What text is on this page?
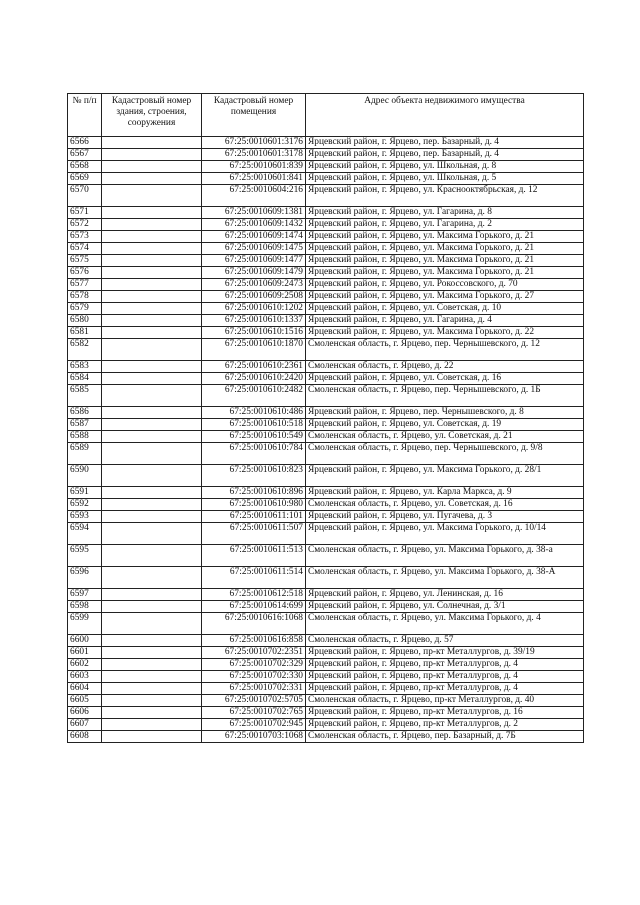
№ п/п	Кадастровый номер здания, строения, сооружения	Кадастровый номер помещения	Адрес объекта недвижимого имущества
6566		67:25:0010601:3176	Ярцевский район, г. Ярцево, пер. Базарный, д. 4
6567		67:25:0010601:3178	Ярцевский район, г. Ярцево, пер. Базарный, д. 4
6568		67:25:0010601:839	Ярцевский район, г. Ярцево, ул. Школьная, д. 8
6569		67:25:0010601:841	Ярцевский район, г. Ярцево, ул. Школьная, д. 5
6570		67:25:0010604:216	Ярцевский район, г. Ярцево, ул. Краснооктябрьская, д. 12
6571		67:25:0010609:1381	Ярцевский район, г. Ярцево, ул. Гагарина, д. 8
6572		67:25:0010609:1432	Ярцевский район, г. Ярцево, ул. Гагарина, д. 2
6573		67:25:0010609:1474	Ярцевский район, г. Ярцево, ул. Максима Горького, д. 21
6574		67:25:0010609:1475	Ярцевский район, г. Ярцево, ул. Максима Горького, д. 21
6575		67:25:0010609:1477	Ярцевский район, г. Ярцево, ул. Максима Горького, д. 21
6576		67:25:0010609:1479	Ярцевский район, г. Ярцево, ул. Максима Горького, д. 21
6577		67:25:0010609:2473	Ярцевский район, г. Ярцево, ул. Рокоссовского, д. 70
6578		67:25:0010609:2508	Ярцевский район, г. Ярцево, ул. Максима Горького, д. 27
6579		67:25:0010610:1202	Ярцевский район, г. Ярцево, ул. Советская, д. 10
6580		67:25:0010610:1337	Ярцевский район, г. Ярцево, ул. Гагарина, д. 4
6581		67:25:0010610:1516	Ярцевский район, г. Ярцево, ул. Максима Горького, д. 22
6582		67:25:0010610:1870	Смоленская область, г. Ярцево, пер. Чернышевского, д. 12
6583		67:25:0010610:2361	Смоленская область, г. Ярцево, д. 22
6584		67:25:0010610:2420	Ярцевский район, г. Ярцево, ул. Советская, д. 16
6585		67:25:0010610:2482	Смоленская область, г. Ярцево, пер. Чернышевского, д. 1Б
6586		67:25:0010610:486	Ярцевский район, г. Ярцево, пер. Чернышевского, д. 8
6587		67:25:0010610:518	Ярцевский район, г. Ярцево, ул. Советская, д. 19
6588		67:25:0010610:549	Смоленская область, г. Ярцево, ул. Советская, д. 21
6589		67:25:0010610:784	Смоленская область, г. Ярцево, пер. Чернышевского, д. 9/8
6590		67:25:0010610:823	Ярцевский район, г. Ярцево, ул. Максима Горького, д. 28/1
6591		67:25:0010610:896	Ярцевский район, г. Ярцево, ул. Карла Маркса, д. 9
6592		67:25:0010610:980	Смоленская область, г. Ярцево, ул. Советская, д. 16
6593		67:25:0010611:101	Ярцевский район, г. Ярцево, ул. Пугачева, д. 3
6594		67:25:0010611:507	Ярцевский район, г. Ярцево, ул. Максима Горького, д. 10/14
6595		67:25:0010611:513	Смоленская область, г. Ярцево, ул. Максима Горького, д. 38-а
6596		67:25:0010611:514	Смоленская область, г. Ярцево, ул. Максима Горького, д. 38-А
6597		67:25:0010612:518	Ярцевский район, г. Ярцево, ул. Ленинская, д. 16
6598		67:25:0010614:699	Ярцевский район, г. Ярцево, ул. Солнечная, д. 3/1
6599		67:25:0010616:1068	Смоленская область, г. Ярцево, ул. Максима Горького, д. 4
6600		67:25:0010616:858	Смоленская область, г. Ярцево, д. 57
6601		67:25:0010702:2351	Ярцевский район, г. Ярцево, пр-кт Металлургов, д. 39/19
6602		67:25:0010702:329	Ярцевский район, г. Ярцево, пр-кт Металлургов, д. 4
6603		67:25:0010702:330	Ярцевский район, г. Ярцево, пр-кт Металлургов, д. 4
6604		67:25:0010702:331	Ярцевский район, г. Ярцево, пр-кт Металлургов, д. 4
6605		67:25:0010702:5705	Смоленская область, г. Ярцево, пр-кт Металлургов, д. 40
6606		67:25:0010702:765	Ярцевский район, г. Ярцево, пр-кт Металлургов, д. 16
6607		67:25:0010702:945	Ярцевский район, г. Ярцево, пр-кт Металлургов, д. 2
6608		67:25:0010703:1068	Смоленская область, г. Ярцево, пер. Базарный, д. 7Б
